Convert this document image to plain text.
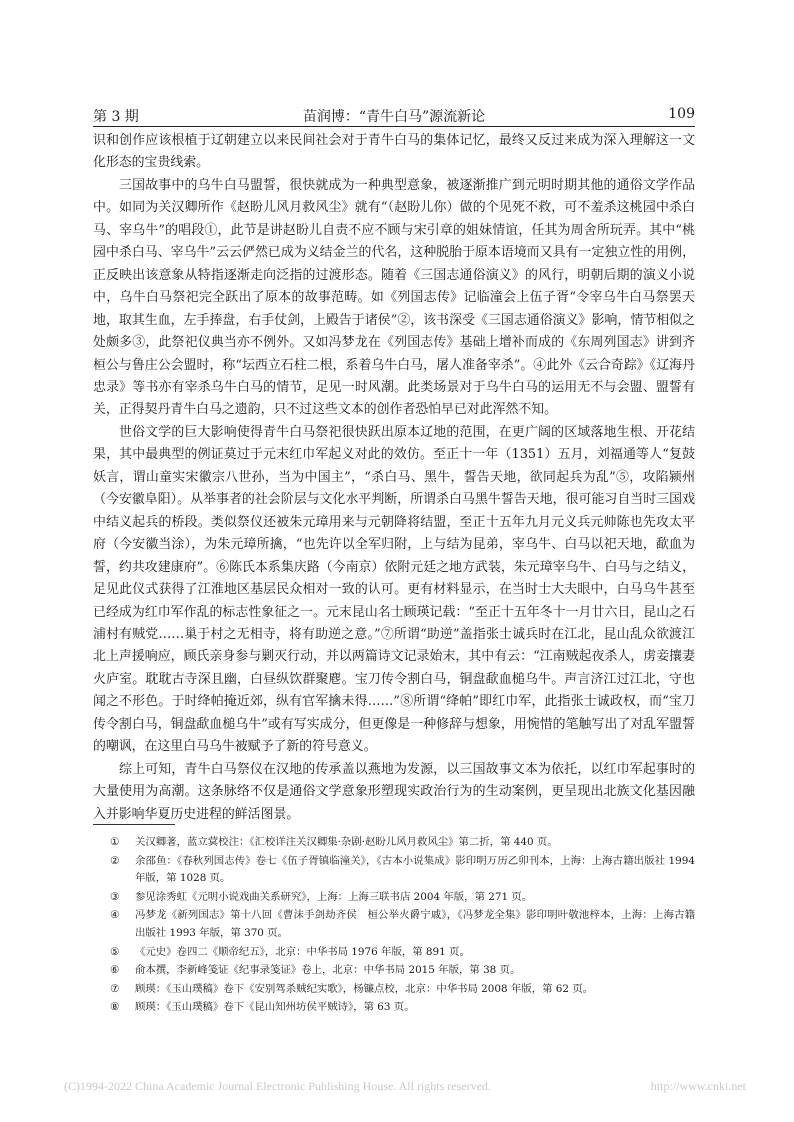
第 3 期	苗润博：“青牛白马”源流新论	109

识和创作应该根植于辽朝建立以来民间社会对于青牛白马的集体记忆，最终又反过来成为深入理解这一文化形态的宝贵线索。

三国故事中的乌牛白马盟誓，很快就成为一种典型意象，被逐渐推广到元明时期其他的通俗文学作品中。如同为关汉卿所作《赵盼儿风月救风尘》就有“（赵盼儿你）做的个见死不救，可不羞杀这桃园中杀白马、宰乌牛”的唱段①，此节是讲赵盼儿自责不应不顾与宋引章的姐妹情谊，任其为周舍所玩弄。其中“桃园中杀白马、宰乌牛”云云俨然已成为义结金兰的代名，这种脱胎于原本语境而又具有一定独立性的用例，正反映出该意象从特指逐渐走向泛指的过渡形态。随着《三国志通俗演义》的风行，明朝后期的演义小说中，乌牛白马祭祀完全跃出了原本的故事范畴。如《列国志传》记临潼会上伍子胥“令宰乌牛白马祭罢天地，取其生血，左手捧盘，右手仗剑，上殿告于诸侯”②，该书深受《三国志通俗演义》影响，情节相似之处颇多③，此祭祀仪典当亦不例外。又如冯梦龙在《列国志传》基础上增补而成的《东周列国志》讲到齐桓公与鲁庄公会盟时，称“坛西立石柱二根，系着乌牛白马，屠人准备宰杀”。④此外《云合奇踪》《辽海丹忠录》等书亦有宰杀乌牛白马的情节，足见一时风潮。此类场景对于乌牛白马的运用无不与会盟、盟誓有关，正得契丹青牛白马之遗韵，只不过这些文本的创作者恐怕早已对此浑然不知。

世俗文学的巨大影响使得青牛白马祭祀很快跃出原本辽地的范围，在更广阔的区域落地生根、开花结果，其中最典型的例证莫过于元末红巾军起义对此的效仿。至正十一年（1351）五月，刘福通等人“复鼓妖言，谓山童实宋徽宗八世孙，当为中国主”，“杀白马、黑牛，誓告天地，欲同起兵为乱”⑤，攻陷颍州（今安徽阜阳）。从举事者的社会阶层与文化水平判断，所谓杀白马黑牛誓告天地，很可能习自当时三国戏中结义起兵的桥段。类似祭仪还被朱元璋用来与元朝降将结盟，至正十五年九月元义兵元帅陈也先攻太平府（今安徽当涂），为朱元璋所擒，“也先许以全军归附，上与结为昆弟，宰乌牛、白马以祀天地，歃血为誓，约共攻建康府”。⑥陈氏本系集庆路（今南京）依附元廷之地方武装，朱元璋宰乌牛、白马与之结义，足见此仪式获得了江淮地区基层民众相对一致的认可。更有材料显示，在当时士大夫眼中，白马乌牛甚至已经成为红巾军作乱的标志性象征之一。元末昆山名士顾瑛记载：“至正十五年冬十一月廿六日，昆山之石浦村有贼党……巢于村之无相寺，将有助逆之意。”⑦所谓“助逆”盖指张士诚兵时在江北，昆山乱众欲渡江北上声援响应，顾氏亲身参与剿灭行动，并以两篇诗文记录始末，其中有云：“江南贼起夜杀人，虏妾攘妻火庐室。耽耽古寺深且幽，白昼纵饮群聚麀。宝刀传令割白马，铜盘歃血槌乌牛。声言济江过江北，守也闻之不形色。于时绛帕掩近郊，纵有官军擒未得……”⑧所谓“绛帕”即红巾军，此指张士诚政权，而“宝刀传令割白马，铜盘歃血槌乌牛”或有写实成分，但更像是一种修辞与想象，用惋惜的笔触写出了对乱军盟誓的嘲讽，在这里白马乌牛被赋予了新的符号意义。

综上可知，青牛白马祭仪在汉地的传承盖以燕地为发源，以三国故事文本为依托，以红巾军起事时的大量使用为高潮。这条脉络不仅是通俗文学意象形塑现实政治行为的生动案例，更呈现出北族文化基因融入并影响华夏历史进程的鲜活图景。

① 关汉卿著，蓝立蓂校注：《汇校详注关汉卿集·杂剧·赵盼儿风月救风尘》第二折，第 440 页。
② 余邵鱼：《春秋列国志传》卷七《伍子胥镇临潼关》，《古本小说集成》影印明万历乙卯刊本，上海：上海古籍出版社 1994 年版，第 1028 页。
③ 参见涂秀虹《元明小说戏曲关系研究》，上海：上海三联书店 2004 年版，第 271 页。
④ 冯梦龙《新列国志》第十八回《曹沫手剑劫齐侯　桓公举火爵宁戚》，《冯梦龙全集》影印明叶敬池梓本，上海：上海古籍出版社 1993 年版，第 370 页。
⑤ 《元史》卷四二《顺帝纪五》，北京：中华书局 1976 年版，第 891 页。
⑥ 俞本撰，李新峰笺证《纪事录笺证》卷上，北京：中华书局 2015 年版，第 38 页。
⑦ 顾瑛：《玉山璞稿》卷下《安别驾杀贼纪实歌》，杨镰点校，北京：中华书局 2008 年版，第 62 页。
⑧ 顾瑛：《玉山璞稿》卷下《昆山知州坊侯平贼诗》，第 63 页。
(C)1994-2022 China Academic Journal Electronic Publishing House. All rights reserved.	http://www.cnki.net
